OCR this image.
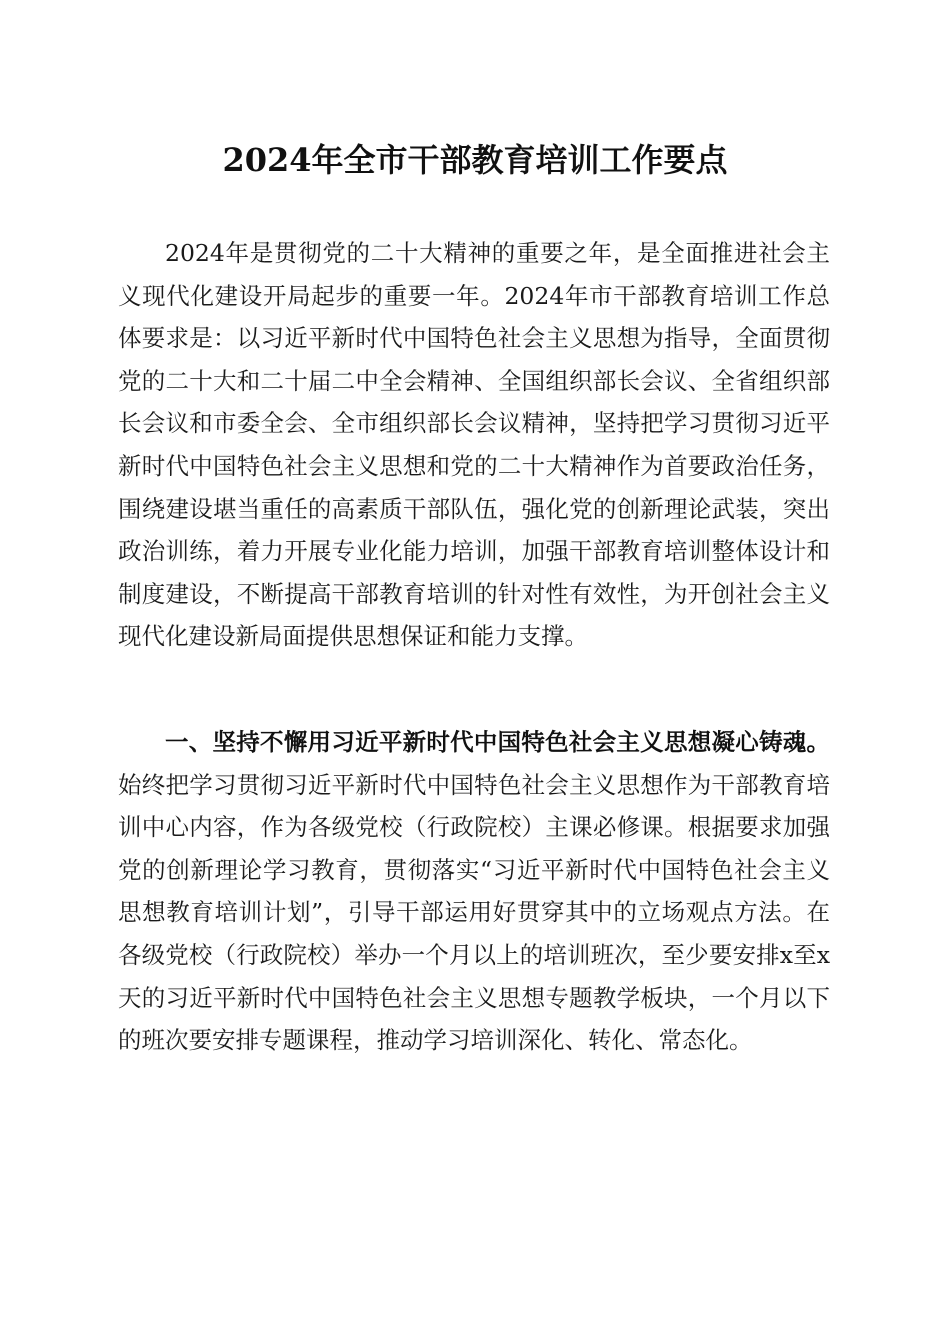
2024年全市干部教育培训工作要点

2024年是贯彻党的二十大精神的重要之年，是全面推进社会主义现代化建设开局起步的重要一年。2024年市干部教育培训工作总体要求是：以习近平新时代中国特色社会主义思想为指导，全面贯彻党的二十大和二十届二中全会精神、全国组织部长会议、全省组织部长会议和市委全会、全市组织部长会议精神，坚持把学习贯彻习近平新时代中国特色社会主义思想和党的二十大精神作为首要政治任务，围绕建设堪当重任的高素质干部队伍，强化党的创新理论武装，突出政治训练，着力开展专业化能力培训，加强干部教育培训整体设计和制度建设，不断提高干部教育培训的针对性有效性，为开创社会主义现代化建设新局面提供思想保证和能力支撑。

一、坚持不懈用习近平新时代中国特色社会主义思想凝心铸魂。始终把学习贯彻习近平新时代中国特色社会主义思想作为干部教育培训中心内容，作为各级党校（行政院校）主课必修课。根据要求加强党的创新理论学习教育，贯彻落实“习近平新时代中国特色社会主义思想教育培训计划”，引导干部运用好贯穿其中的立场观点方法。在各级党校（行政院校）举办一个月以上的培训班次，至少要安排x至x天的习近平新时代中国特色社会主义思想专题教学板块，一个月以下的班次要安排专题课程，推动学习培训深化、转化、常态化。
